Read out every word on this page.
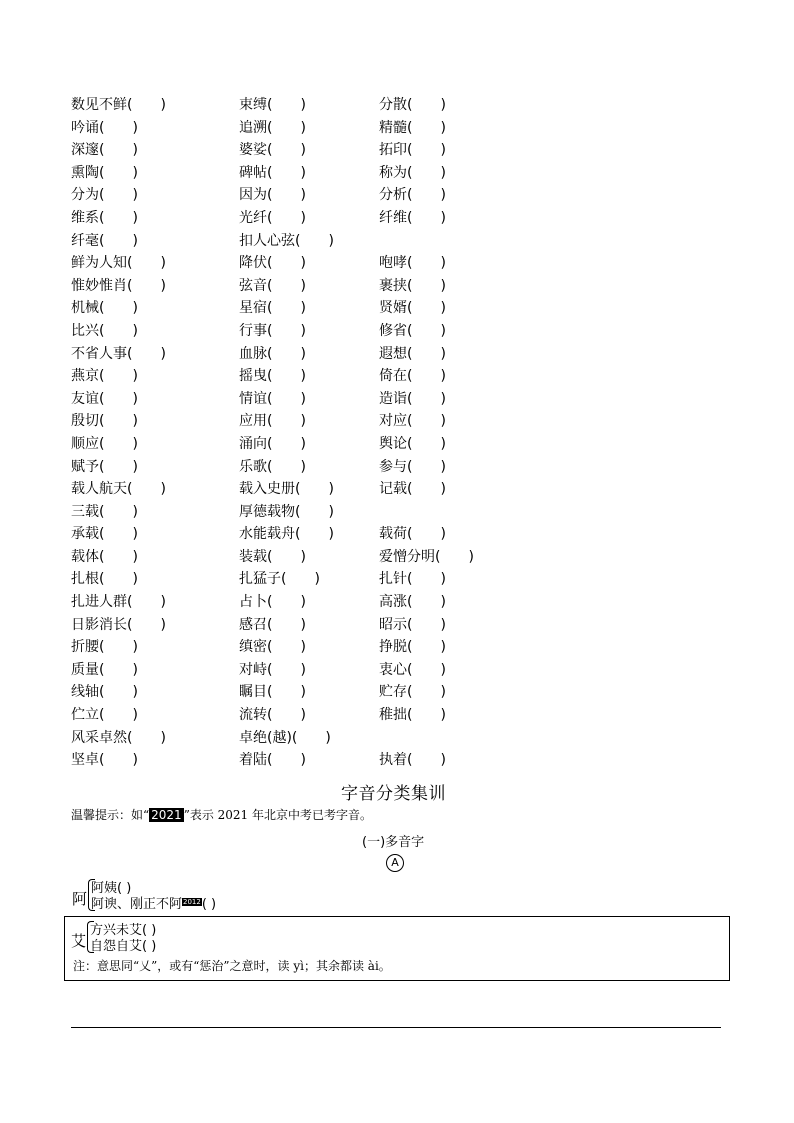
数见不鲜(　　)	束缚(　　)	分散(　　)
吟诵(　　)	追溯(　　)	精髓(　　)
深邃(　　)	婆娑(　　)	拓印(　　)
熏陶(　　)	碑帖(　　)	称为(　　)
分为(　　)	因为(　　)	分析(　　)
维系(　　)	光纤(　　)	纤维(　　)
纤毫(　　)	扣人心弦(　　)
鲜为人知(　　)	降伏(　　)	咆哮(　　)
惟妙惟肖(　　)	弦音(　　)	裹挟(　　)
机械(　　)	星宿(　　)	贤婿(　　)
比兴(　　)	行事(　　)	修省(　　)
不省人事(　　)	血脉(　　)	遐想(　　)
燕京(　　)	摇曳(　　)	倚在(　　)
友谊(　　)	情谊(　　)	造诣(　　)
殷切(　　)	应用(　　)	对应(　　)
顺应(　　)	涌向(　　)	舆论(　　)
赋予(　　)	乐歌(　　)	参与(　　)
载人航天(　　)	载入史册(　　)	记载(　　)
三载(　　)	厚德载物(　　)
承载(　　)	水能载舟(　　)	载荷(　　)
载体(　　)	装载(　　)	爱憎分明(　　)
扎根(　　)	扎猛子(　　)	扎针(　　)
扎进人群(　　)	占卜(　　)	高涨(　　)
日影消长(　　)	感召(　　)	昭示(　　)
折腰(　　)	缜密(　　)	挣脱(　　)
质量(　　)	对峙(　　)	衷心(　　)
线轴(　　)	瞩目(　　)	贮存(　　)
伫立(　　)	流转(　　)	稚拙(　　)
风采卓然(　　)	卓绝(越)(　　)
坚卓(　　)	着陆(　　)	执着(　　)
字音分类集训
温馨提示：如“ 2021 ”表示 2021 年北京中考已考字音。
(一)多音字
A
阿
阿姨( )
阿谀、刚正不阿2012( )
艾
方兴未艾( )
自怨自艾( )
注：意思同“乂”，或有“惩治”之意时，读 yì；其余都读 ài。
